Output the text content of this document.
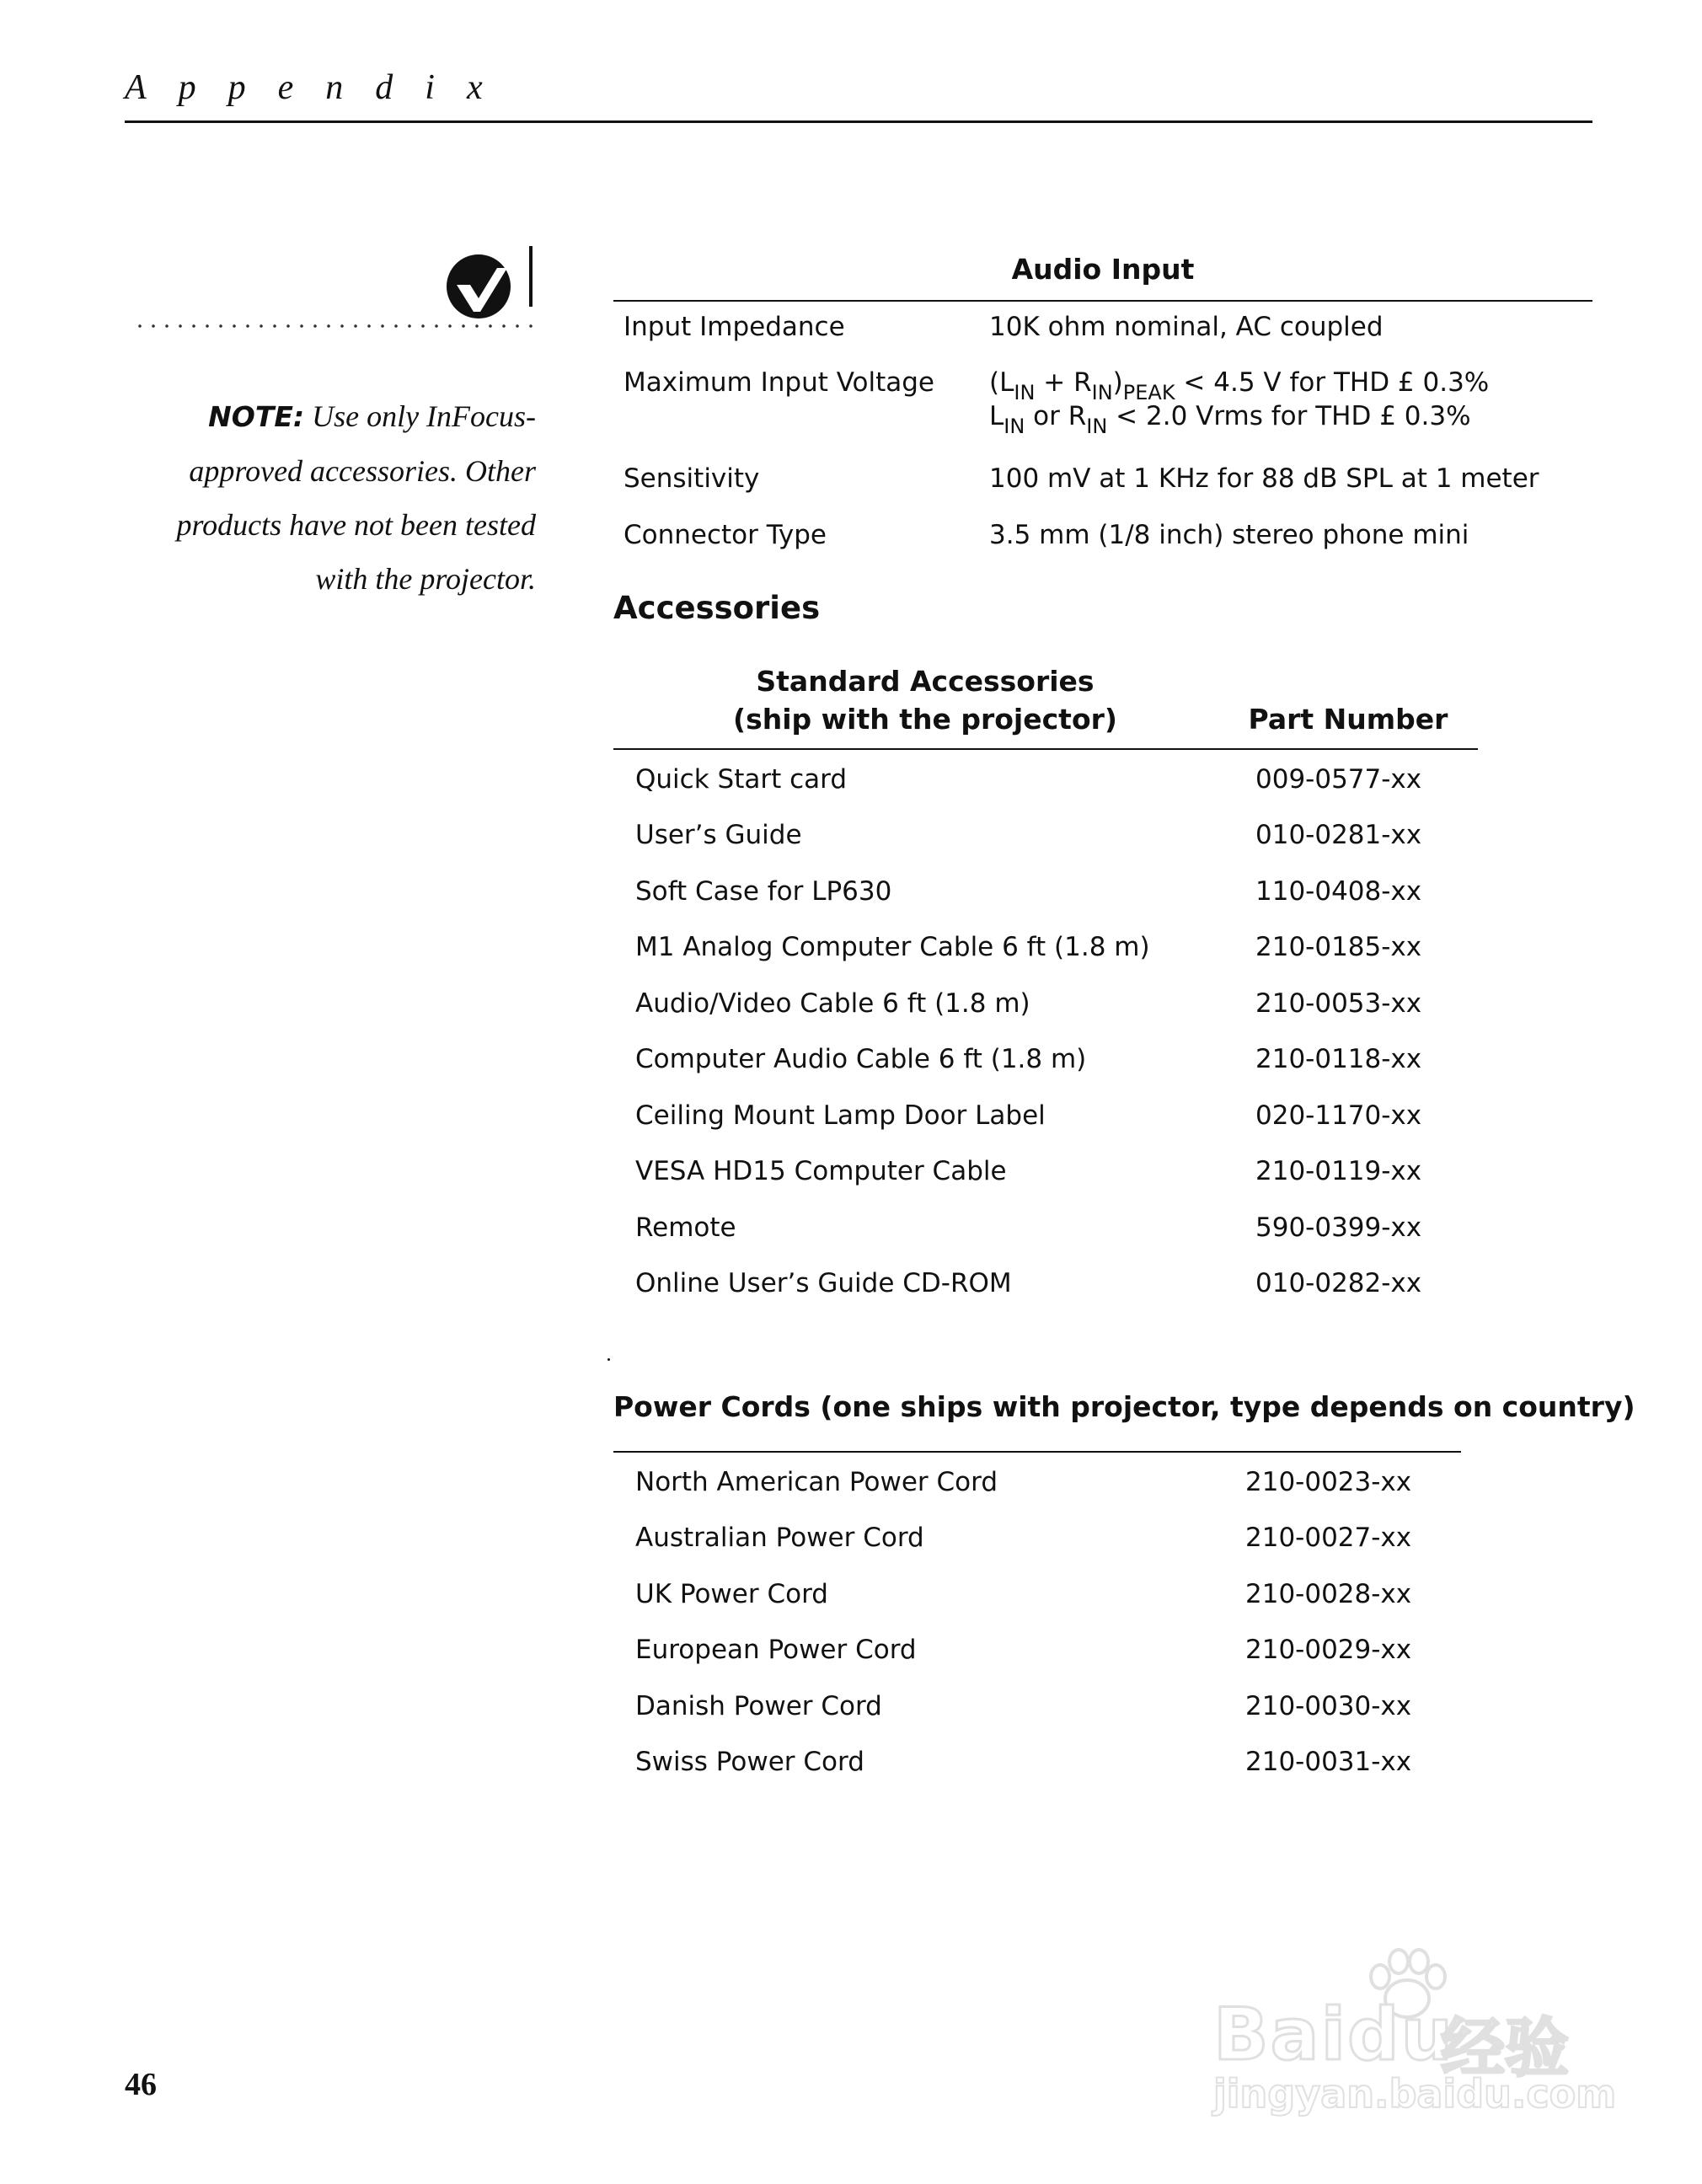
Appendix
NOTE: Use only InFocus-
approved accessories. Other
products have not been tested
with the projector.
Audio Input
Input Impedance	10K ohm nominal, AC coupled
Maximum Input Voltage $(L_{IN} + R_{IN})_{PEAK} < 4.5$ V for THD £ 0.3%
$L_{IN}$ or $R_{IN} < 2.0$ Vrms for THD £ 0.3%
Sensitivity	100 mV at 1 KHz for 88 dB SPL at 1 meter
Connector Type	3.5 mm (1/8 inch) stereo phone mini
Accessories
Standard Accessories
(ship with the projector)	Part Number
Quick Start card	009-0577-xx
User’s Guide	010-0281-xx
Soft Case for LP630	110-0408-xx
M1 Analog Computer Cable 6 ft (1.8 m)	210-0185-xx
Audio/Video Cable 6 ft (1.8 m)	210-0053-xx
Computer Audio Cable 6 ft (1.8 m)	210-0118-xx
Ceiling Mount Lamp Door Label	020-1170-xx
VESA HD15 Computer Cable	210-0119-xx
Remote	590-0399-xx
Online User’s Guide CD-ROM	010-0282-xx
Power Cords (one ships with projector, type depends on country)
North American Power Cord	210-0023-xx
Australian Power Cord	210-0027-xx
UK Power Cord	210-0028-xx
European Power Cord	210-0029-xx
Danish Power Cord	210-0030-xx
Swiss Power Cord	210-0031-xx
46
Baidu
经验
jingyan.baidu.com
